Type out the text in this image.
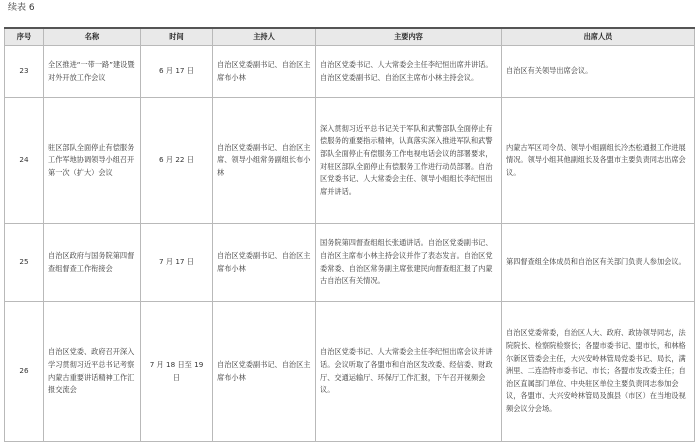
续表 6
序号	名称	时间	主持人	主要内容	出席人员
23	全区推进“一带一路”建设暨对外开放工作会议	6 月 17 日	自治区党委副书记、自治区主席布小林	自治区党委书记、人大常委会主任李纪恒出席并讲话。自治区党委副书记、自治区主席布小林主持会议。	自治区有关领导出席会议。
24	驻区部队全面停止有偿服务工作军地协调领导小组召开第一次（扩大）会议	6 月 22 日	自治区党委副书记、自治区主席、领导小组常务副组长布小林	深入贯彻习近平总书记关于军队和武警部队全面停止有偿服务的重要指示精神，认真落实深入推进军队和武警部队全面停止有偿服务工作电视电话会议的部署要求，对驻区部队全面停止有偿服务工作进行动员部署。自治区党委书记、人大常委会主任、领导小组组长李纪恒出席并讲话。	内蒙古军区司令员、领导小组副组长冷杰松通报工作进展情况。领导小组其他副组长及各盟市主要负责同志出席会议。
25	自治区政府与国务院第四督查组督查工作衔接会	7 月 17 日	自治区党委副书记、自治区主席布小林	国务院第四督查组组长张通讲话。自治区党委副书记、自治区主席布小林主持会议并作了表态发言。自治区党委常委、自治区常务副主席张建民向督查组汇报了内蒙古自治区有关情况。	第四督查组全体成员和自治区有关部门负责人参加会议。
26	自治区党委、政府召开深入学习贯彻习近平总书记考察内蒙古重要讲话精神工作汇报交流会	7 月 18 日至 19 日	自治区党委副书记、自治区主席布小林	自治区党委书记、人大常委会主任李纪恒出席会议并讲话。会议听取了各盟市和自治区发改委、经信委、财政厅、交通运输厅、环保厅工作汇报，下午召开视频会议。	自治区党委常委，自治区人大、政府、政协领导同志，法院院长、检察院检察长；各盟市委书记、盟市长，和林格尔新区管委会主任，大兴安岭林管局党委书记、局长，满洲里、二连浩特市委书记、市长；各盟市发改委主任；自治区直属部门单位、中央驻区单位主要负责同志参加会议，各盟市、大兴安岭林管局及旗县（市区）在当地设视频会议分会场。
